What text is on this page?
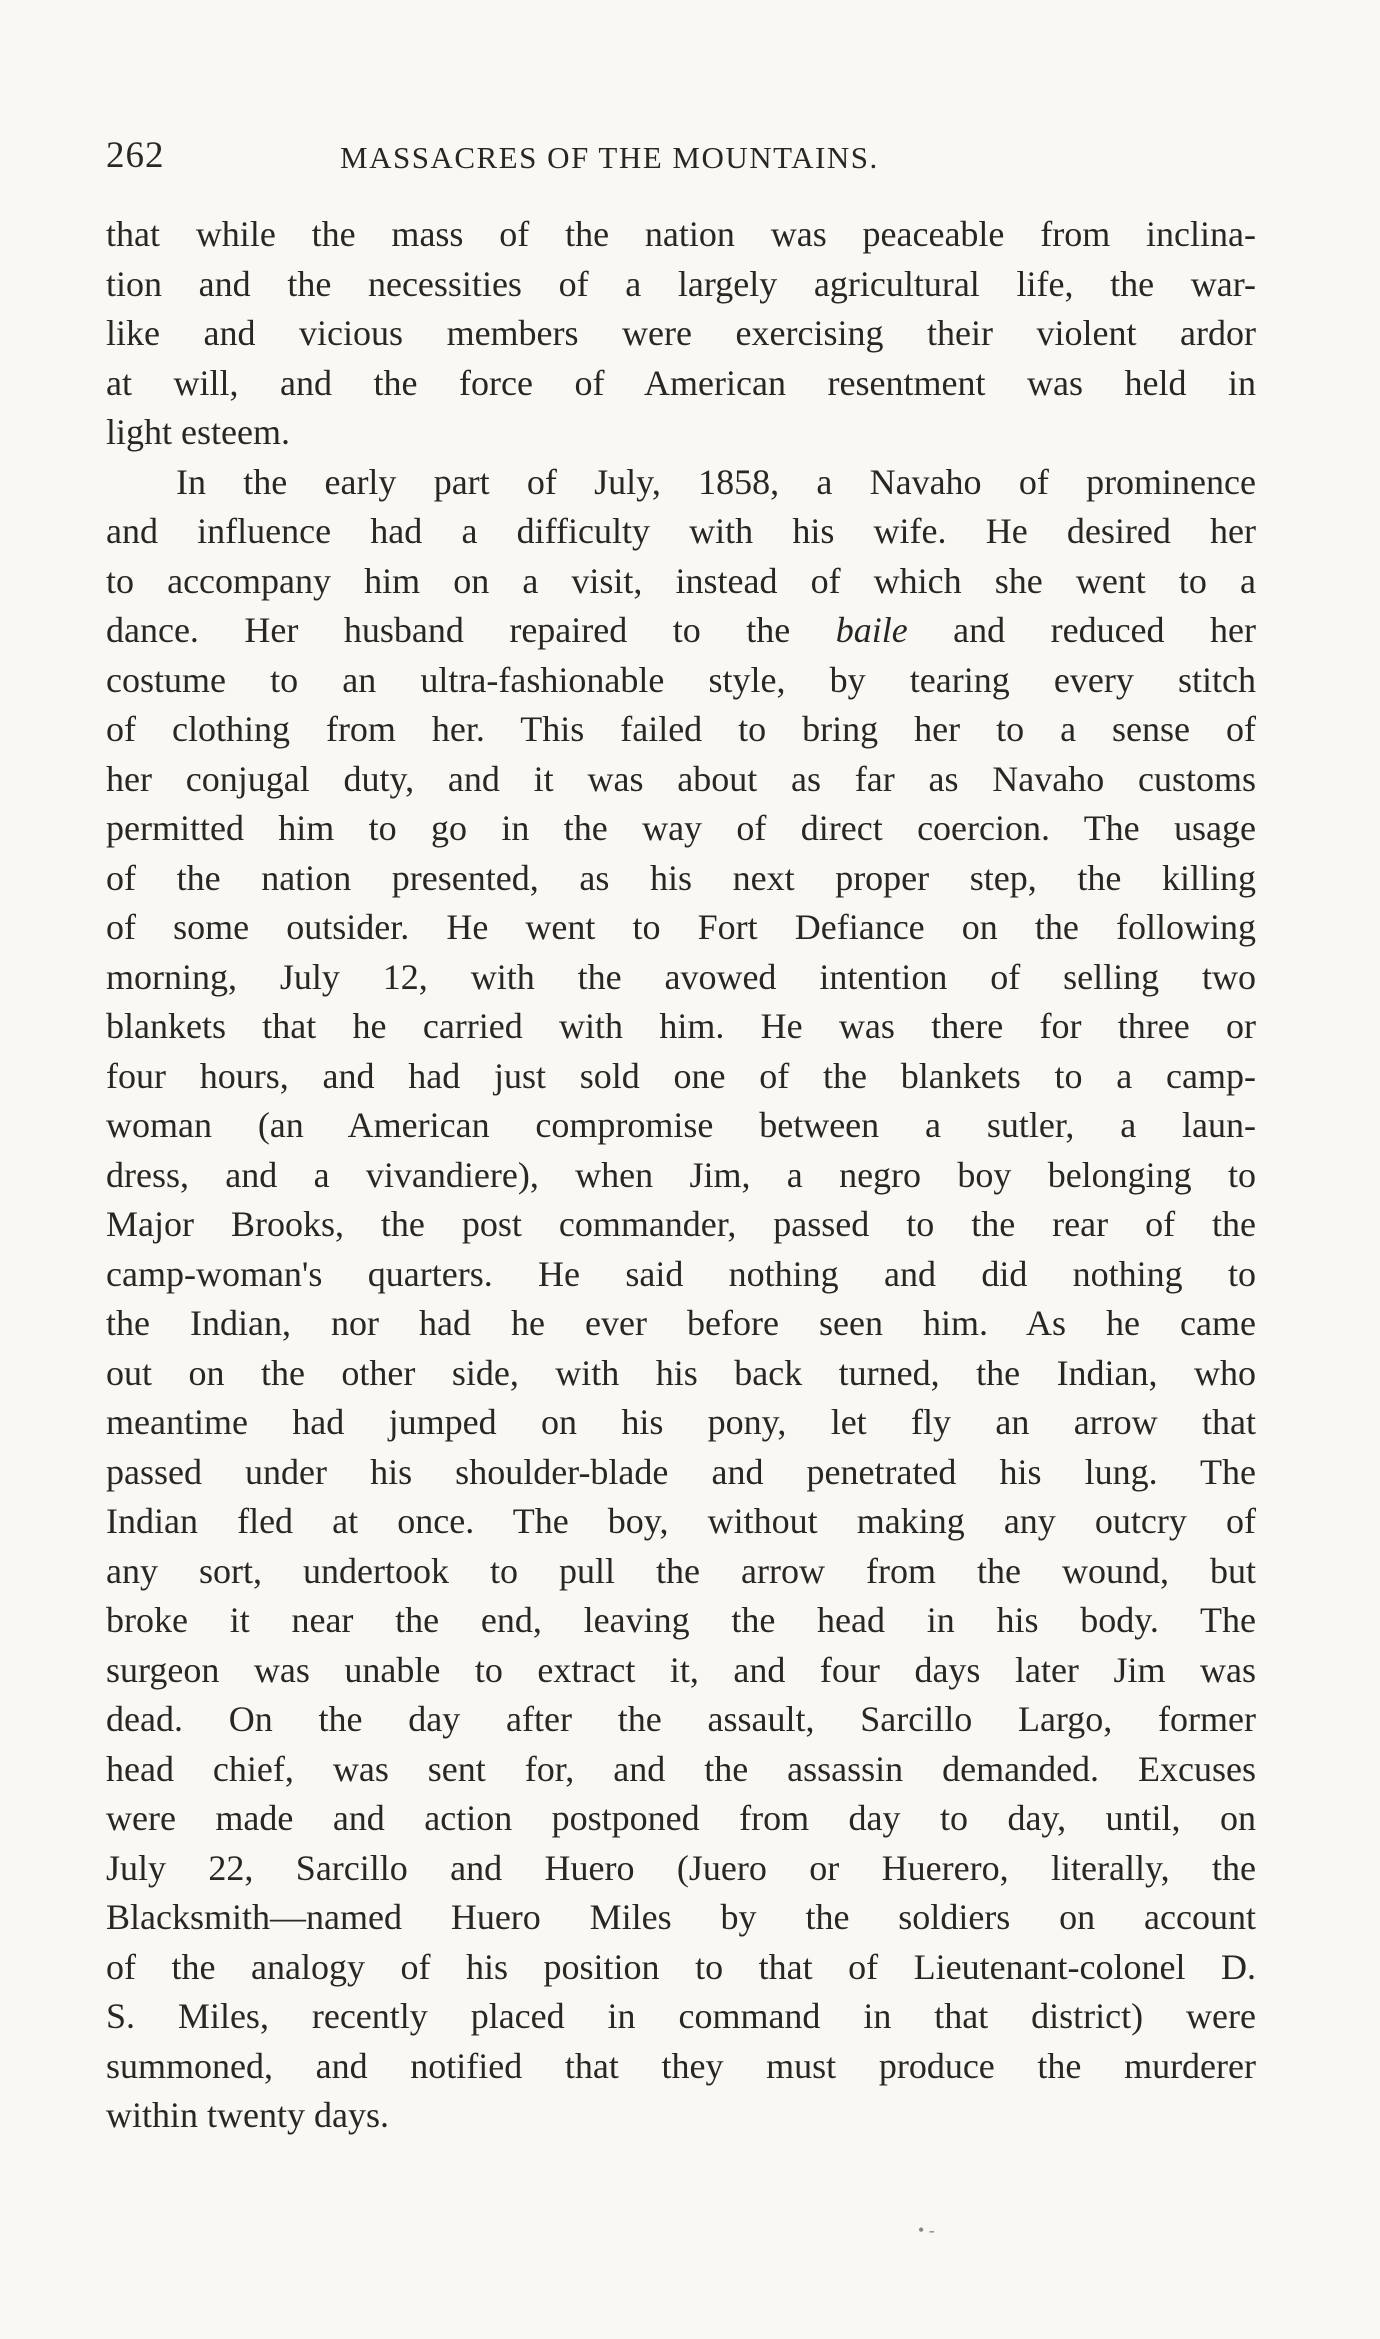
262	MASSACRES OF THE MOUNTAINS.
that while the mass of the nation was peaceable from inclina-
tion and the necessities of a largely agricultural life, the war-
like and vicious members were exercising their violent ardor
at will, and the force of American resentment was held in
light esteem.
In the early part of July, 1858, a Navaho of prominence
and influence had a difficulty with his wife. He desired her
to accompany him on a visit, instead of which she went to a
dance. Her husband repaired to the baile and reduced her
costume to an ultra-fashionable style, by tearing every stitch
of clothing from her. This failed to bring her to a sense of
her conjugal duty, and it was about as far as Navaho customs
permitted him to go in the way of direct coercion. The usage
of the nation presented, as his next proper step, the killing
of some outsider. He went to Fort Defiance on the following
morning, July 12, with the avowed intention of selling two
blankets that he carried with him. He was there for three or
four hours, and had just sold one of the blankets to a camp-
woman (an American compromise between a sutler, a laun-
dress, and a vivandiere), when Jim, a negro boy belonging to
Major Brooks, the post commander, passed to the rear of the
camp-woman's quarters. He said nothing and did nothing to
the Indian, nor had he ever before seen him. As he came
out on the other side, with his back turned, the Indian, who
meantime had jumped on his pony, let fly an arrow that
passed under his shoulder-blade and penetrated his lung. The
Indian fled at once. The boy, without making any outcry of
any sort, undertook to pull the arrow from the wound, but
broke it near the end, leaving the head in his body. The
surgeon was unable to extract it, and four days later Jim was
dead. On the day after the assault, Sarcillo Largo, former
head chief, was sent for, and the assassin demanded. Excuses
were made and action postponed from day to day, until, on
July 22, Sarcillo and Huero (Juero or Huerero, literally, the
Blacksmith—named Huero Miles by the soldiers on account
of the analogy of his position to that of Lieutenant-colonel D.
S. Miles, recently placed in command in that district) were
summoned, and notified that they must produce the murderer
within twenty days.
• -
